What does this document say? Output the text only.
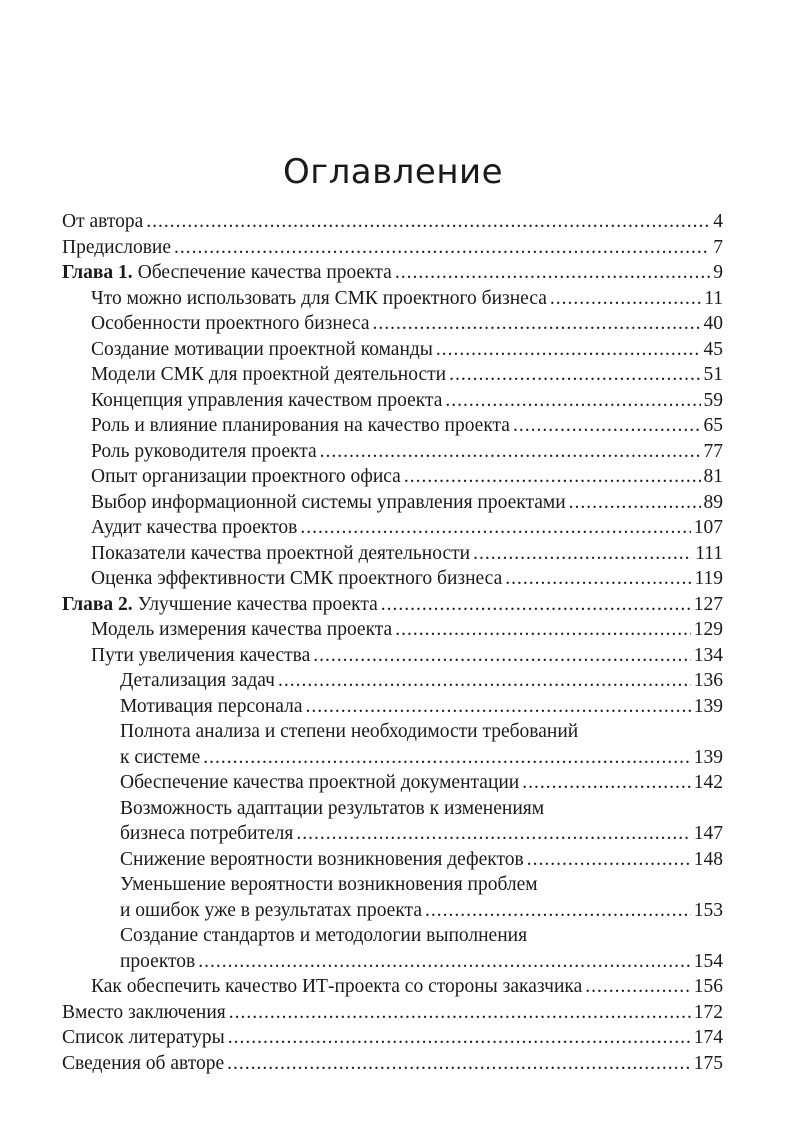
Оглавление
От автора .....	4
Предисловие .....	7
Глава 1. Обеспечение качества проекта .....	9
Что можно использовать для СМК проектного бизнеса .....	11
Особенности проектного бизнеса .....	40
Создание мотивации проектной команды .....	45
Модели СМК для проектной деятельности .....	51
Концепция управления качеством проекта .....	59
Роль и влияние планирования на качество проекта .....	65
Роль руководителя проекта .....	77
Опыт организации проектного офиса .....	81
Выбор информационной системы управления проектами .....	89
Аудит качества проектов .....	107
Показатели качества проектной деятельности .....	111
Оценка эффективности СМК проектного бизнеса .....	119
Глава 2. Улучшение качества проекта .....	127
Модель измерения качества проекта .....	129
Пути увеличения качества .....	134
Детализация задач .....	136
Мотивация персонала .....	139
Полнота анализа и степени необходимости требований
к системе .....	139
Обеспечение качества проектной документации .....	142
Возможность адаптации результатов к изменениям
бизнеса потребителя .....	147
Снижение вероятности возникновения дефектов .....	148
Уменьшение вероятности возникновения проблем
и ошибок уже в результатах проекта .....	153
Создание стандартов и методологии выполнения
проектов .....	154
Как обеспечить качество ИТ-проекта со стороны заказчика .....	156
Вместо заключения .....	172
Список литературы .....	174
Сведения об авторе .....	175
